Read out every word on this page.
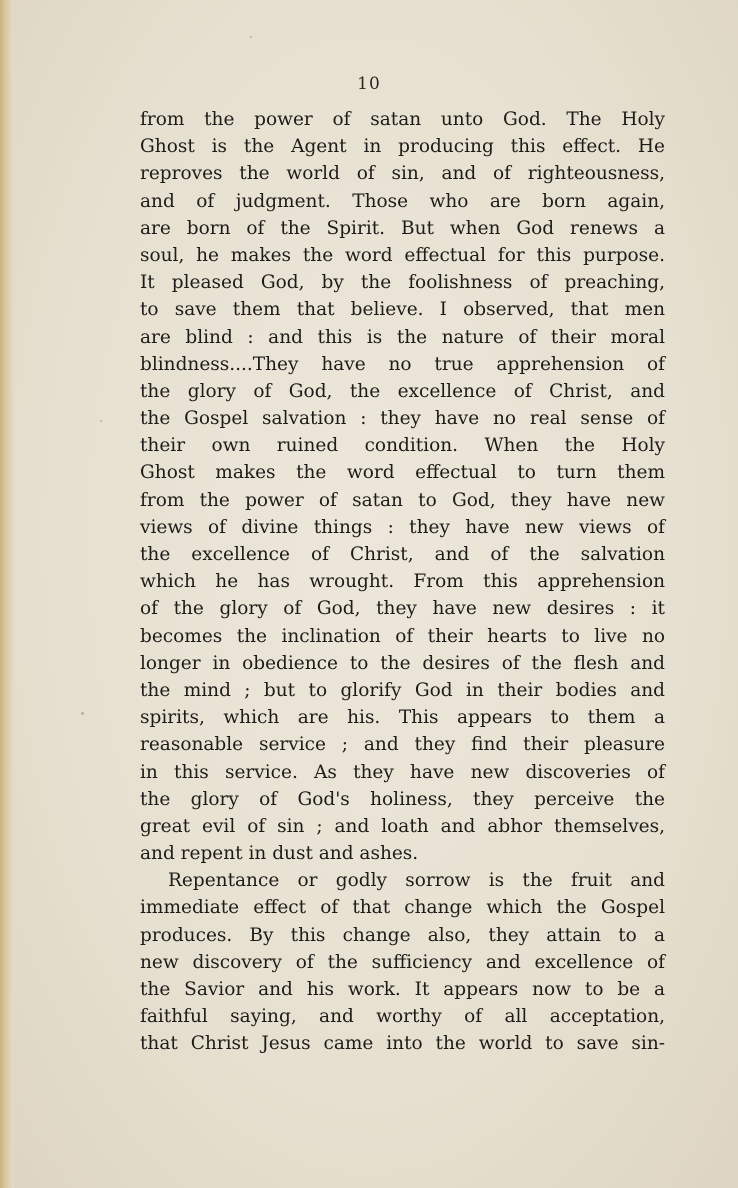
10
from the power of satan unto God. The Holy
Ghost is the Agent in producing this effect. He
reproves the world of sin, and of righteousness,
and of judgment. Those who are born again,
are born of the Spirit. But when God renews a
soul, he makes the word effectual for this purpose.
It pleased God, by the foolishness of preaching,
to save them that believe. I observed, that men
are blind : and this is the nature of their moral
blindness....They have no true apprehension of
the glory of God, the excellence of Christ, and
the Gospel salvation : they have no real sense of
their own ruined condition. When the Holy
Ghost makes the word effectual to turn them
from the power of satan to God, they have new
views of divine things : they have new views of
the excellence of Christ, and of the salvation
which he has wrought. From this apprehension
of the glory of God, they have new desires : it
becomes the inclination of their hearts to live no
longer in obedience to the desires of the flesh and
the mind ; but to glorify God in their bodies and
spirits, which are his. This appears to them a
reasonable service ; and they find their pleasure
in this service. As they have new discoveries of
the glory of God's holiness, they perceive the
great evil of sin ; and loath and abhor themselves,
and repent in dust and ashes.
Repentance or godly sorrow is the fruit and
immediate effect of that change which the Gospel
produces. By this change also, they attain to a
new discovery of the sufficiency and excellence of
the Savior and his work. It appears now to be a
faithful saying, and worthy of all acceptation,
that Christ Jesus came into the world to save sin-
